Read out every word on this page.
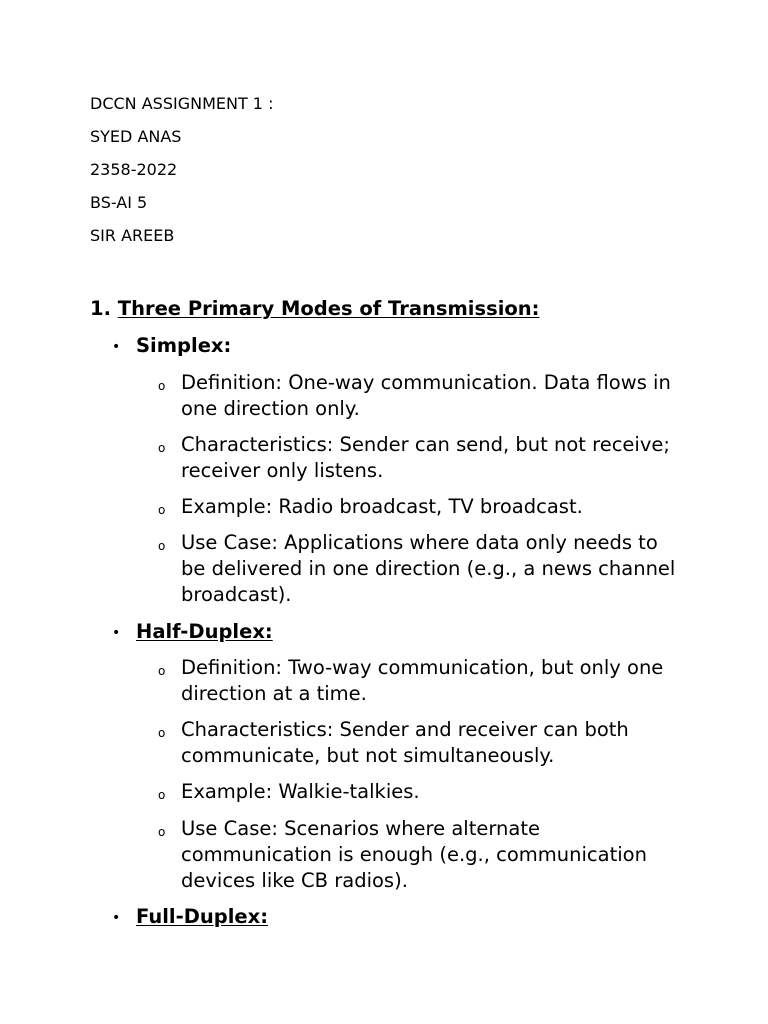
DCCN ASSIGNMENT 1 :
SYED ANAS
2358-2022
BS-AI 5
SIR AREEB
1. Three Primary Modes of Transmission:
• Simplex:
o Definition: One-way communication. Data flows in one direction only.
o Characteristics: Sender can send, but not receive; receiver only listens.
o Example: Radio broadcast, TV broadcast.
o Use Case: Applications where data only needs to be delivered in one direction (e.g., a news channel broadcast).
• Half-Duplex:
o Definition: Two-way communication, but only one direction at a time.
o Characteristics: Sender and receiver can both communicate, but not simultaneously.
o Example: Walkie-talkies.
o Use Case: Scenarios where alternate communication is enough (e.g., communication devices like CB radios).
• Full-Duplex:
